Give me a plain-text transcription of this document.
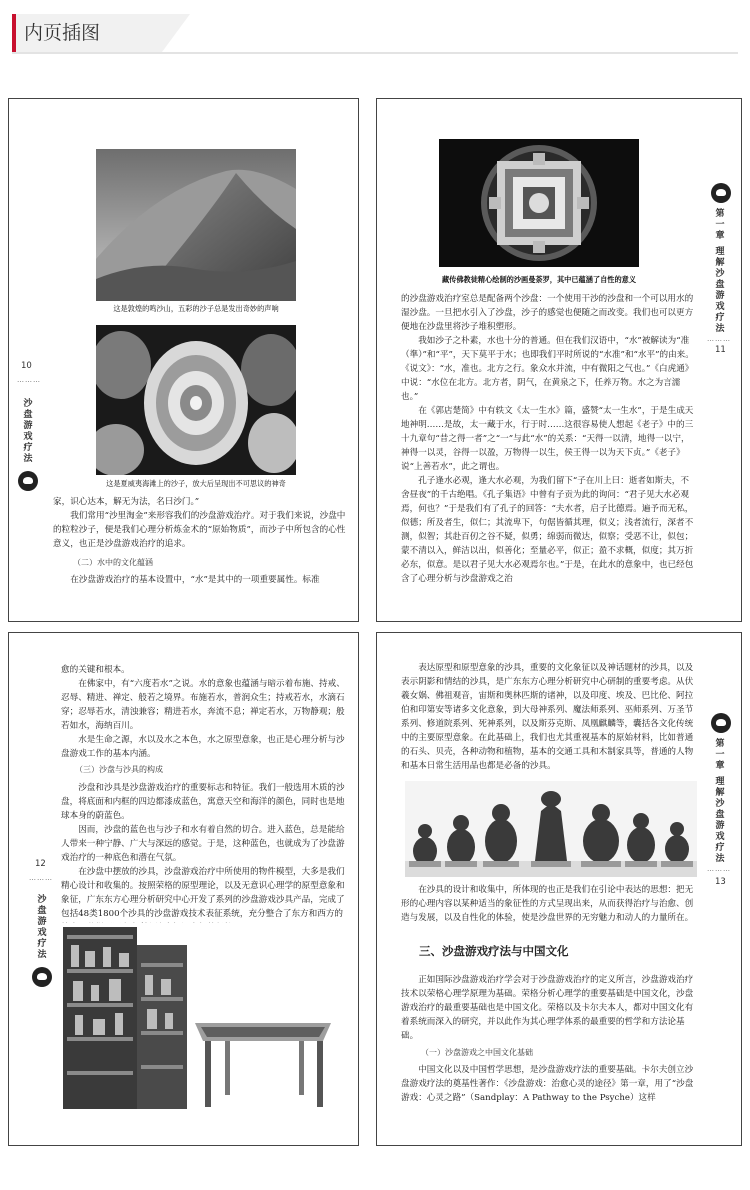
内页插图
这是敦煌的鸣沙山，五彩的沙子总是发出奇妙的声响
这是夏威夷海滩上的沙子，放大后呈现出不可思议的神奇
10
………
沙盘游戏疗法
家，识心达本，解无为法，名曰沙门。”
　　我们常用“沙里淘金”来形容我们的沙盘游戏治疗。对于我们来说，沙盘中的粒粒沙子，便是我们心理分析炼金术的“原始物质”，而沙子中所包含的心性意义，也正是沙盘游戏治疗的追求。
（二）水中的文化蕴涵
　　在沙盘游戏治疗的基本设置中，“水”是其中的一项重要属性。标准
藏传佛教徒精心绘制的沙画曼荼罗，其中已蕴涵了自性的意义
的沙盘游戏治疗室总是配备两个沙盘：一个使用干沙的沙盘和一个可以用水的湿沙盘。一旦把水引入了沙盘，沙子的感觉也便随之而改变。我们也可以更方便地在沙盘里将沙子堆积塑形。
　　我如沙子之朴素，水也十分的普通。但在我们汉语中，“水”被解读为“准（準）”和“平”，天下莫平于水；也即我们平时所说的“水准”和“水平”的由来。《说文》：“水，准也。北方之行。象众水并流，中有微阳之气也。”《白虎通》中说：“水位在北方。北方者，阴气，在黄泉之下，任养万物。水之为言濡也。”
　　在《郭店楚简》中有轶文《太一生水》篇，盛赞“太一生水”，于是生成天地神明……是故，太一藏于水，行于时……这很容易使人想起《老子》中的三十九章句“昔之得一者”之“一”与此“水”的关系：“天得一以清，地得一以宁，神得一以灵，谷得一以盈，万物得一以生，侯王得一以为天下贞。”《老子》说“上善若水”，此之谓也。
　　孔子逢水必观，逢大水必观，为我们留下“子在川上曰：逝者如斯夫，不舍昼夜”的千古绝唱。《孔子集语》中曾有子贡为此的询问：“君子见大水必观焉，何也？”于是我们有了孔子的回答：“夫水者，启子比德焉。遍予而无私，似德；所及者生，似仁；其流卑下，句倨皆循其理，似义；浅者流行，深者不测，似智；其赴百仞之谷不疑，似勇；绵弱而微达，似察；受恶不让，似包；蒙不清以入，鲜洁以出，似善化；至量必平，似正；盈不求概，似度；其万折必东，似意。是以君子见大水必观焉尔也。”于是，在此水的意象中，也已经包含了心理分析与沙盘游戏之治
第一章
理解沙盘游戏疗法
………
11
愈的关键和根本。
　　在佛家中，有“六度若水”之说。水的意象也蕴涵与暗示着布施、持戒、忍辱、精进、禅定、般若之境界。布施若水，普润众生；持戒若水，水滴石穿；忍辱若水，清浊兼容；精进若水，奔流不息；禅定若水，万物静观；般若如水，海纳百川。
　　水是生命之源，水以及水之本色，水之原型意象，也正是心理分析与沙盘游戏工作的基本内涵。
（三）沙盘与沙具的构成
　　沙盘和沙具是沙盘游戏治疗的重要标志和特征。我们一般选用木质的沙盘，将底面和内框的四边都漆成蓝色，寓意天空和海洋的颜色，同时也是地球本身的蔚蓝色。
　　因而，沙盘的蓝色也与沙子和水有着自然的切合。进入蓝色，总是能给人带来一种宁静、广大与深远的感觉。于是，这种蓝色，也就成为了沙盘游戏治疗的一种底色和潜在气氛。
　　在沙盘中摆放的沙具，沙盘游戏治疗中所使用的物件模型，大多是我们精心设计和收集的。按照荣格的原型理论，以及无意识心理学的原型意象和象征，广东东方心理分析研究中心开发了系列的沙盘游戏沙具产品，完成了包括48类1800个沙具的沙盘游戏技术表征系统，充分整合了东方和西方的
12
………
沙盘游戏疗法
　　表达原型和原型意象的沙具，重要的文化象征以及神话题材的沙具，以及表示阴影和情结的沙具，是广东东方心理分析研究中心研制的重要考虑。从伏羲女娲、佛祖观音，宙斯和奥林匹斯的诸神，以及印度、埃及、巴比伦、阿拉伯和印第安等诸多文化意象，到大母神系列、魔法师系列、巫师系列、万圣节系列、修道院系列、死神系列，以及斯芬克斯、凤凰麒麟等，囊括各文化传统中的主要原型意象。在此基础上，我们也尤其重视基本的原始材料，比如普通的石头、贝壳，各种动物和植物，基本的交通工具和木制家具等，普通的人物和基本日常生活用品也都是必备的沙具。
　　在沙具的设计和收集中，所体现的也正是我们在引论中表达的思想：把无形的心理内容以某种适当的象征性的方式呈现出来，从而获得治疗与治愈、创造与发展，以及自性化的体验，使是沙盘世界的无穷魅力和动人的力量所在。
三、沙盘游戏疗法与中国文化
　　正如国际沙盘游戏治疗学会对于沙盘游戏治疗的定义所言，沙盘游戏治疗技术以荣格心理学原理为基础。荣格分析心理学的重要基础是中国文化，沙盘游戏治疗的最重要基础也是中国文化。荣格以及卡尔夫本人，都对中国文化有着系统而深入的研究，并以此作为其心理学体系的最重要的哲学和方法论基础。
（一）沙盘游戏之中国文化基础
　　中国文化以及中国哲学思想，是沙盘游戏疗法的重要基础。卡尔夫创立沙盘游戏疗法的奠基性著作：《沙盘游戏：治愈心灵的途径》第一章，用了“沙盘游戏：心灵之路”（Sandplay：A Pathway to the Psyche）这样
第一章
理解沙盘游戏疗法
………
13
